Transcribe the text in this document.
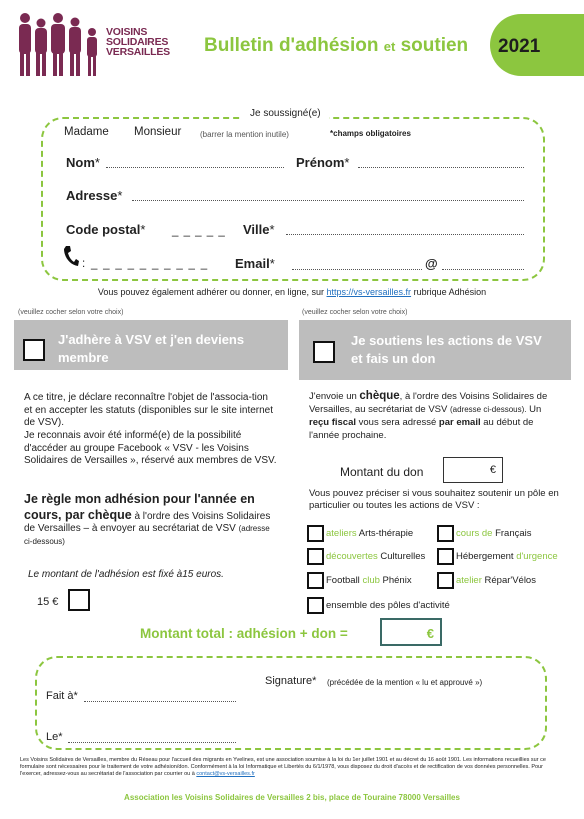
VOISINS SOLIDAIRES VERSAILLES	Bulletin d'adhésion et soutien 2021
Je soussigné(e)
Madame Monsieur (barrer la mention inutile)	*champs obligatoires
Nom*	Prénom*
Adresse*
Code postal* _ _ _ _ _ Ville*
: _ _ _ _ _ _ _ _ _ _ Email*	@
Vous pouvez également adhérer ou donner, en ligne, sur https://vs-versailles.fr rubrique Adhésion
(veuillez cocher selon votre choix)
J'adhère à VSV et j'en deviens
membre
A ce titre, je déclare reconnaître l'objet de l'associa-tion et en accepter les statuts (disponibles sur le site internet de VSV).
Je reconnais avoir été informé(e) de la possibilité d'accéder au groupe Facebook « VSV - les Voisins Solidaires de Versailles », réservé aux membres de VSV.
Je règle mon adhésion pour l'année en cours, par chèque à l'ordre des Voisins Solidaires de Versailles – à envoyer au secrétariat de VSV (adresse ci-dessous)
Le montant de l'adhésion est fixé à15 euros.
15 €
(veuillez cocher selon votre choix)
Je soutiens les actions de VSV
et fais un don
J'envoie un chèque, à l'ordre des Voisins Solidaires de Versailles, au secrétariat de VSV (adresse ci-dessous). Un reçu fiscal vous sera adressé par email au début de l'année prochaine.
Montant du don	€
Vous pouvez préciser si vous souhaitez soutenir un pôle en particulier ou toutes les actions de VSV :
ateliers Arts-thérapie	cours de Français
découvertes Culturelles	Hébergement d'urgence
Football club Phénix	atelier Répar'Vélos
ensemble des pôles d'activité
Montant total : adhésion + don =	€
Signature* (précédée de la mention « lu et approuvé »)
Fait à*
Le*
Les Voisins Solidaires de Versailles, membre du Réseau pour l'accueil des migrants en Yvelines, est une association soumise à la loi du 1er juillet 1901 et au décret du 16 août 1901. Les informations recueillies sur ce formulaire sont nécessaires pour le traitement de votre adhésion/don. Conformément à la loi Informatique et Libertés du 6/1/1978, vous disposez du droit d'accès et de rectification de vos données personnelles. Pour l'exercer, adressez-vous au secrétariat de l'association par courrier ou à contact@vs-versailles.fr
Association les Voisins Solidaires de Versailles 2 bis, place de Touraine 78000 Versailles
